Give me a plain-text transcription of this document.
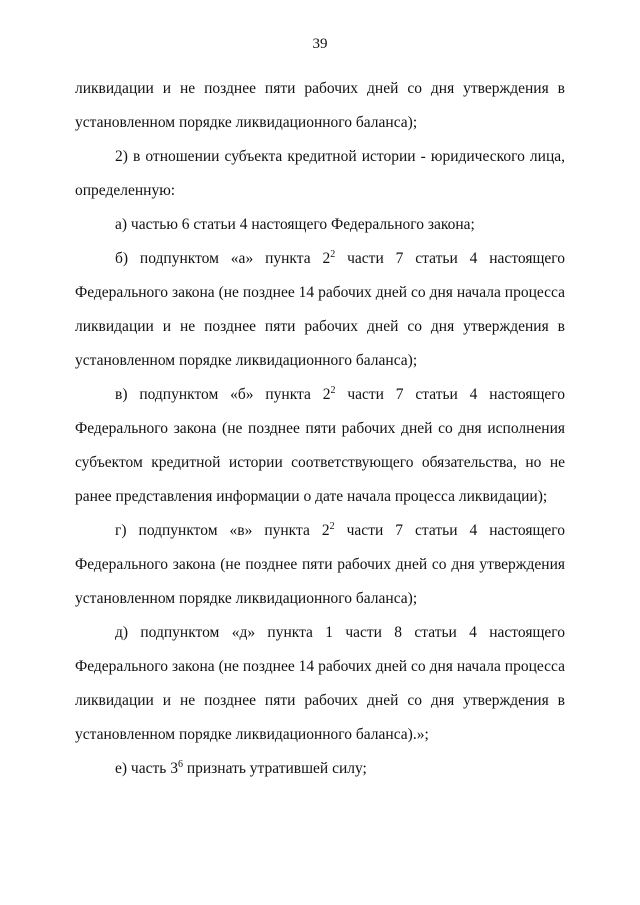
39
ликвидации и не позднее пяти рабочих дней со дня утверждения в
установленном порядке ликвидационного баланса);
2) в отношении субъекта кредитной истории - юридического лица,
определенную:
а) частью 6 статьи 4 настоящего Федерального закона;
б) подпунктом «а» пункта $2^2$ части 7 статьи 4 настоящего
Федерального закона (не позднее 14 рабочих дней со дня начала процесса
ликвидации и не позднее пяти рабочих дней со дня утверждения в
установленном порядке ликвидационного баланса);
в) подпунктом «б» пункта $2^2$ части 7 статьи 4 настоящего
Федерального закона (не позднее пяти рабочих дней со дня исполнения
субъектом кредитной истории соответствующего обязательства, но не
ранее представления информации о дате начала процесса ликвидации);
г) подпунктом «в» пункта $2^2$ части 7 статьи 4 настоящего
Федерального закона (не позднее пяти рабочих дней со дня утверждения
установленном порядке ликвидационного баланса);
д) подпунктом «д» пункта 1 части 8 статьи 4 настоящего
Федерального закона (не позднее 14 рабочих дней со дня начала процесса
ликвидации и не позднее пяти рабочих дней со дня утверждения в
установленном порядке ликвидационного баланса).»;
е) часть $3^6$ признать утратившей силу;
